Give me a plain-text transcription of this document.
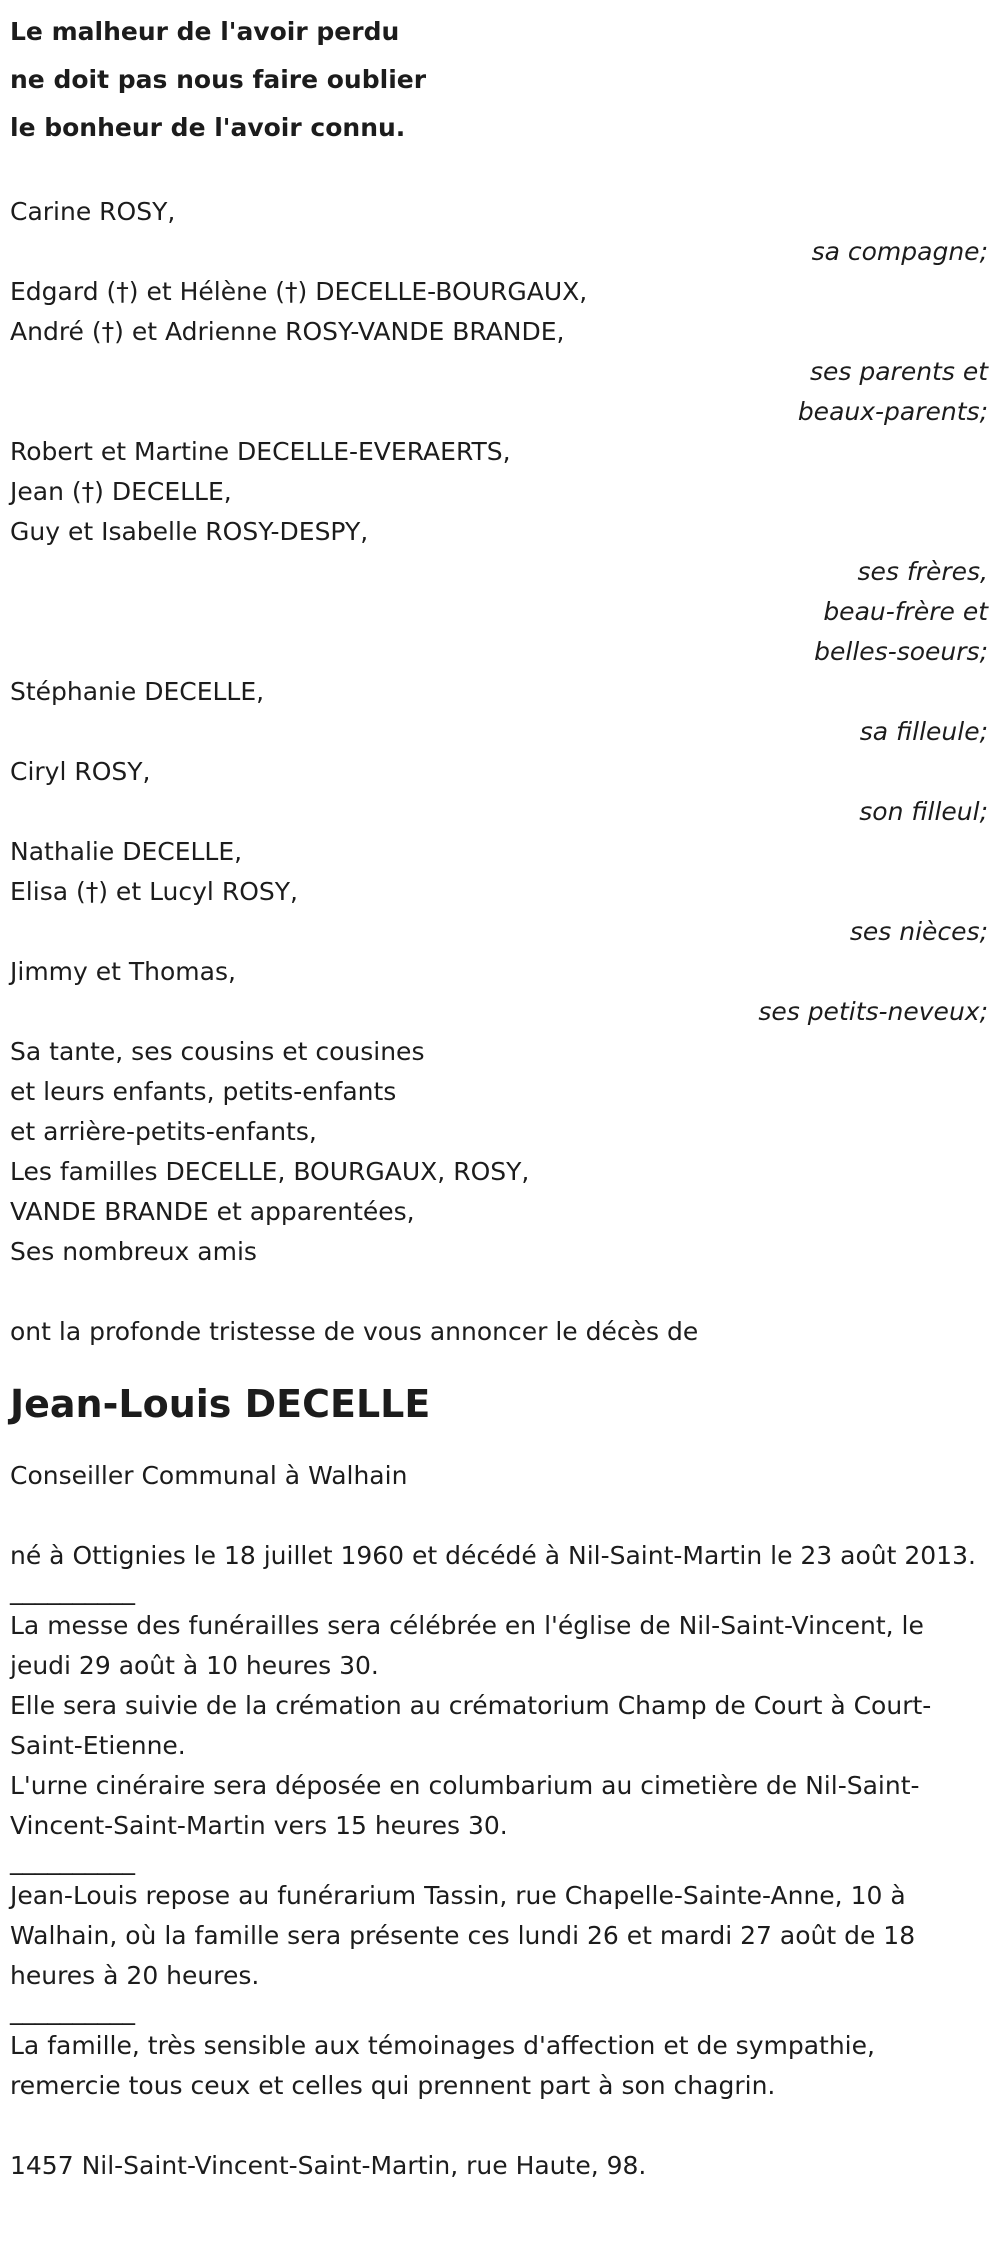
Le malheur de l'avoir perdu
ne doit pas nous faire oublier
le bonheur de l'avoir connu.
Carine ROSY,
sa compagne;
Edgard (†) et Hélène (†) DECELLE-BOURGAUX,
André (†) et Adrienne ROSY-VANDE BRANDE,
ses parents et
beaux-parents;
Robert et Martine DECELLE-EVERAERTS,
Jean (†) DECELLE,
Guy et Isabelle ROSY-DESPY,
ses frères,
beau-frère et
belles-soeurs;
Stéphanie DECELLE,
sa filleule;
Ciryl ROSY,
son filleul;
Nathalie DECELLE,
Elisa (†) et Lucyl ROSY,
ses nièces;
Jimmy et Thomas,
ses petits-neveux;
Sa tante, ses cousins et cousines
et leurs enfants, petits-enfants
et arrière-petits-enfants,
Les familles DECELLE, BOURGAUX, ROSY,
VANDE BRANDE et apparentées,
Ses nombreux amis
ont la profonde tristesse de vous annoncer le décès de
Jean-Louis DECELLE
Conseiller Communal à Walhain
né à Ottignies le 18 juillet 1960 et décédé à Nil-Saint-Martin le 23 août 2013.
__________
La messe des funérailles sera célébrée en l'église de Nil-Saint-Vincent, le jeudi 29 août à 10 heures 30.
Elle sera suivie de la crémation au crématorium Champ de Court à Court-Saint-Etienne.
L'urne cinéraire sera déposée en columbarium au cimetière de Nil-Saint-Vincent-Saint-Martin vers 15 heures 30.
__________
Jean-Louis repose au funérarium Tassin, rue Chapelle-Sainte-Anne, 10 à Walhain, où la famille sera présente ces lundi 26 et mardi 27 août de 18 heures à 20 heures.
__________
La famille, très sensible aux témoinages d'affection et de sympathie, remercie tous ceux et celles qui prennent part à son chagrin.
1457 Nil-Saint-Vincent-Saint-Martin, rue Haute, 98.
